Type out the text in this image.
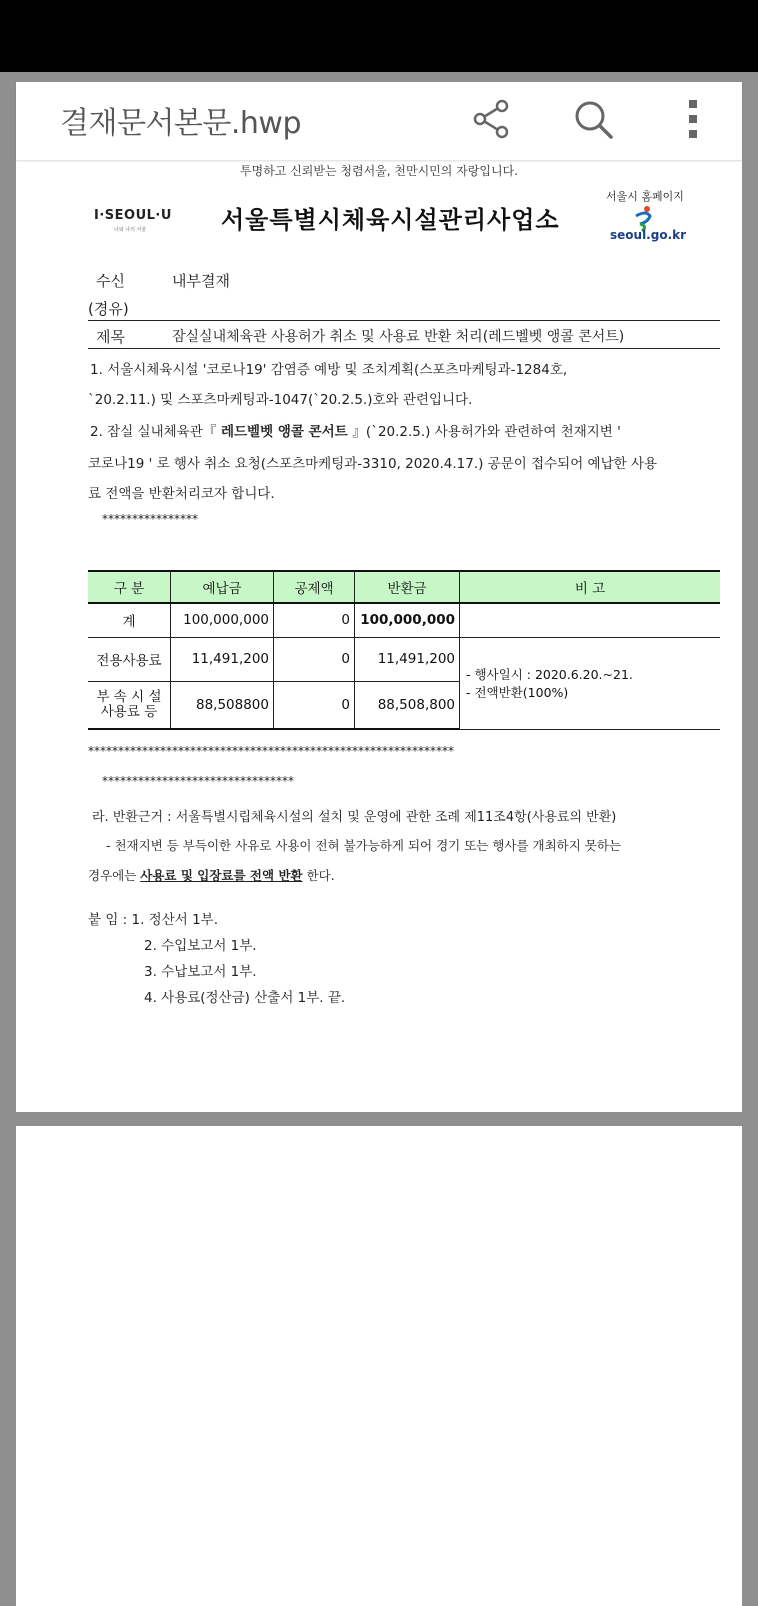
결재문서본문.hwp
투명하고 신뢰받는 청렴서울, 천만시민의 자랑입니다.
I·SEOUL·U
너와 나의 서울	서울특별시체육시설관리사업소
서울시 홈페이지
seoul.go.kr
수신	내부결재
(경유)
제목	잠실실내체육관 사용허가 취소 및 사용료 반환 처리(레드벨벳 앵콜 콘서트)
1. 서울시체육시설 '코로나19' 감염증 예방 및 조치계획(스포츠마케팅과-1284호,
`20.2.11.) 및 스포츠마케팅과-1047(`20.2.5.)호와 관련입니다.
2. 잠실 실내체육관『 레드벨벳 앵콜 콘서트 』(`20.2.5.) 사용허가와 관련하여 천재지변 '
코로나19 ' 로 행사 취소 요청(스포츠마케팅과-3310, 2020.4.17.) 공문이 접수되어 예납한 사용
료 전액을 반환처리코자 합니다.
****************
구 분	예납금	공제액	반환금	비 고
계	100,000,000	0	100,000,000	
전용사용료	11,491,200	0	11,491,200	- 행사일시 : 2020.6.20.~21.
- 전액반환(100%)

부 속 시 설
사용료 등	88,508800	0	88,508,800	
*************************************************************
********************************
라. 반환근거 : 서울특별시립체육시설의 설치 및 운영에 관한 조례 제11조4항(사용료의 반환)
- 천재지변 등 부득이한 사유로 사용이 전혀 불가능하게 되어 경기 또는 행사를 개최하지 못하는
경우에는 사용료 및 입장료를 전액 반환 한다.
붙 임 : 1. 정산서 1부.
2. 수입보고서 1부.
3. 수납보고서 1부.
4. 사용료(정산금) 산출서 1부. 끝.
